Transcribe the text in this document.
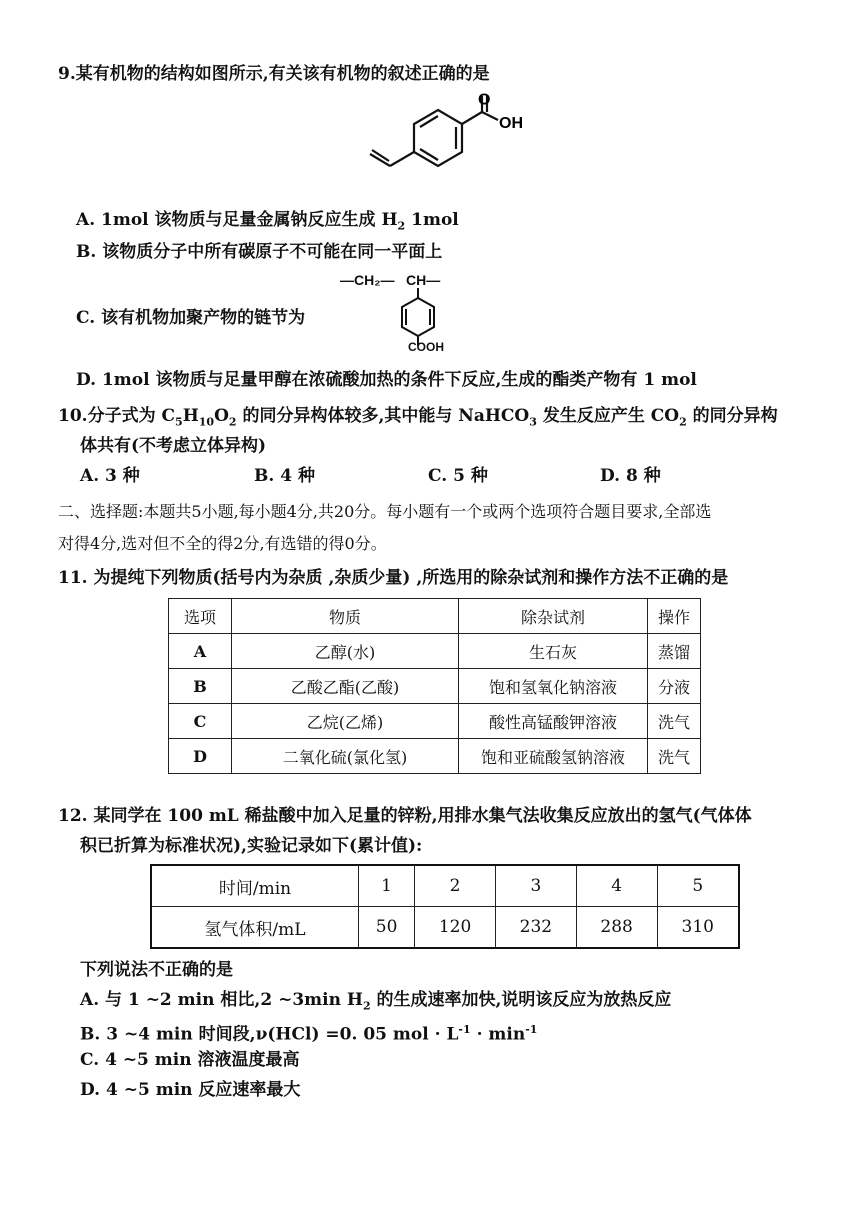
9.某有机物的结构如图所示,有关该有机物的叙述正确的是
O
OH
A. 1mol 该物质与足量金属钠反应生成 $H_2$ 1mol
B. 该物质分子中所有碳原子不可能在同一平面上
C. 该有机物加聚产物的链节为
—CH₂— CH—
COOH
D. 1mol 该物质与足量甲醇在浓硫酸加热的条件下反应,生成的酯类产物有 1 mol
10.分子式为 $C_5H_{10}O_2$ 的同分异构体较多,其中能与 NaHCO$_3$ 发生反应产生 $CO_2$ 的同分异构
体共有(不考虑立体异构)
A. 3 种	B. 4 种	C. 5 种	D. 8 种
二、选择题:本题共5小题,每小题4分,共20分。每小题有一个或两个选项符合题目要求,全部选
对得4分,选对但不全的得2分,有选错的得0分。
11. 为提纯下列物质(括号内为杂质 ,杂质少量) ,所选用的除杂试剂和操作方法不正确的是
选项	物质	除杂试剂	操作
A	乙醇(水)	生石灰	蒸馏
B	乙酸乙酯(乙酸)	饱和氢氧化钠溶液	分液
C	乙烷(乙烯)	酸性高锰酸钾溶液	洗气
D	二氧化硫(氯化氢)	饱和亚硫酸氢钠溶液	洗气
12. 某同学在 100 mL 稀盐酸中加入足量的锌粉,用排水集气法收集反应放出的氢气(气体体
积已折算为标准状况),实验记录如下(累计值):
时间/min	1	2	3	4	5
氢气体积/mL	50	120	232	288	310
下列说法不正确的是
A. 与 1 ~2 min 相比,2 ~3min $H_2$ 的生成速率加快,说明该反应为放热反应
B. 3 ~4 min 时间段,ν(HCl) =0. 05 mol · $L^{-1} \cdot \min^{-1}$
C. 4 ~5 min 溶液温度最高
D. 4 ~5 min 反应速率最大
